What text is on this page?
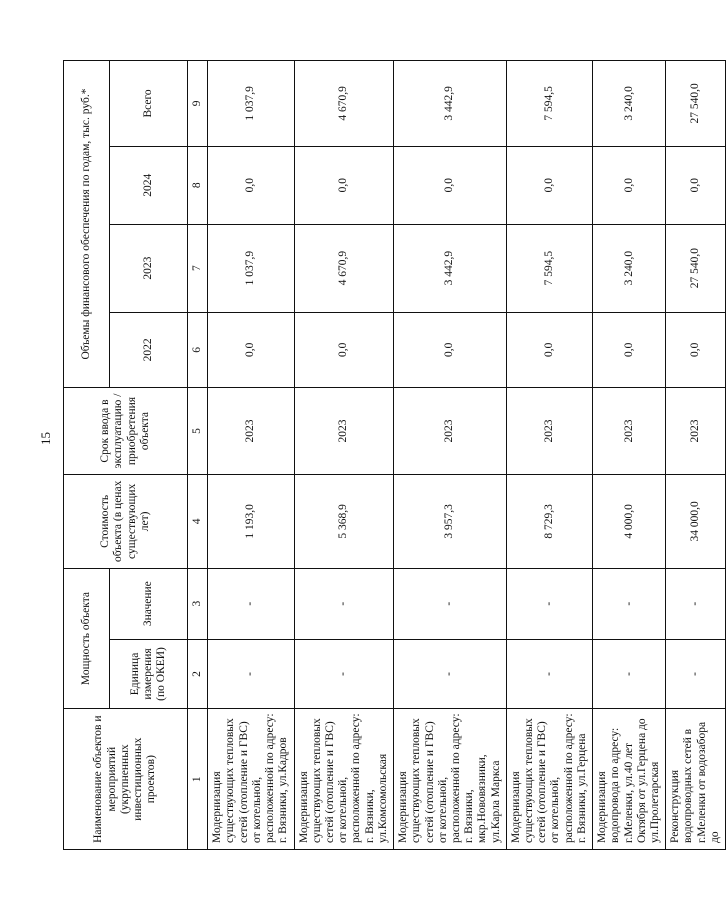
15
Наименование объектов и мероприятий (укрупненных инвестиционных проектов)	Мощность объекта		Стоимость объекта (в ценах существующих лет)	Срок ввода в эксплуатацию / приобретения объекта	Объемы финансового обеспечения по годам, тыс. руб.*			
	Единица измерения (по ОКЕИ)	Значение			2022	2023	2024	Всего
1	2	3	4	5	6	7	8	9
Модернизация существующих тепловых сетей (отопление и ГВС) от котельной, расположенной по адресу: г. Вязники, ул.Кадров	-	-	1 193,0	2023	0,0	1 037,9	0,0	1 037,9
Модернизация существующих тепловых сетей (отопление и ГВС) от котельной, расположенной по адресу: г. Вязники, ул.Комсомольская	-	-	5 368,9	2023	0,0	4 670,9	0,0	4 670,9
Модернизация существующих тепловых сетей (отопление и ГВС) от котельной, расположенной по адресу: г. Вязники, мкр.Нововязники, ул.Карла Маркса	-	-	3 957,3	2023	0,0	3 442,9	0,0	3 442,9
Модернизация существующих тепловых сетей (отопление и ГВС) от котельной, расположенной по адресу: г. Вязники, ул.Герцена	-	-	8 729,3	2023	0,0	7 594,5	0,0	7 594,5
Модернизация водопровода по адресу: г.Меленки, ул.40 лет Октября от ул.Герцена до ул.Пролетарская	-	-	4 000,0	2023	0,0	3 240,0	0,0	3 240,0
Реконструкция водопроводных сетей в г.Меленки от водозабора до	-	-	34 000,0	2023	0,0	27 540,0	0,0	27 540,0
